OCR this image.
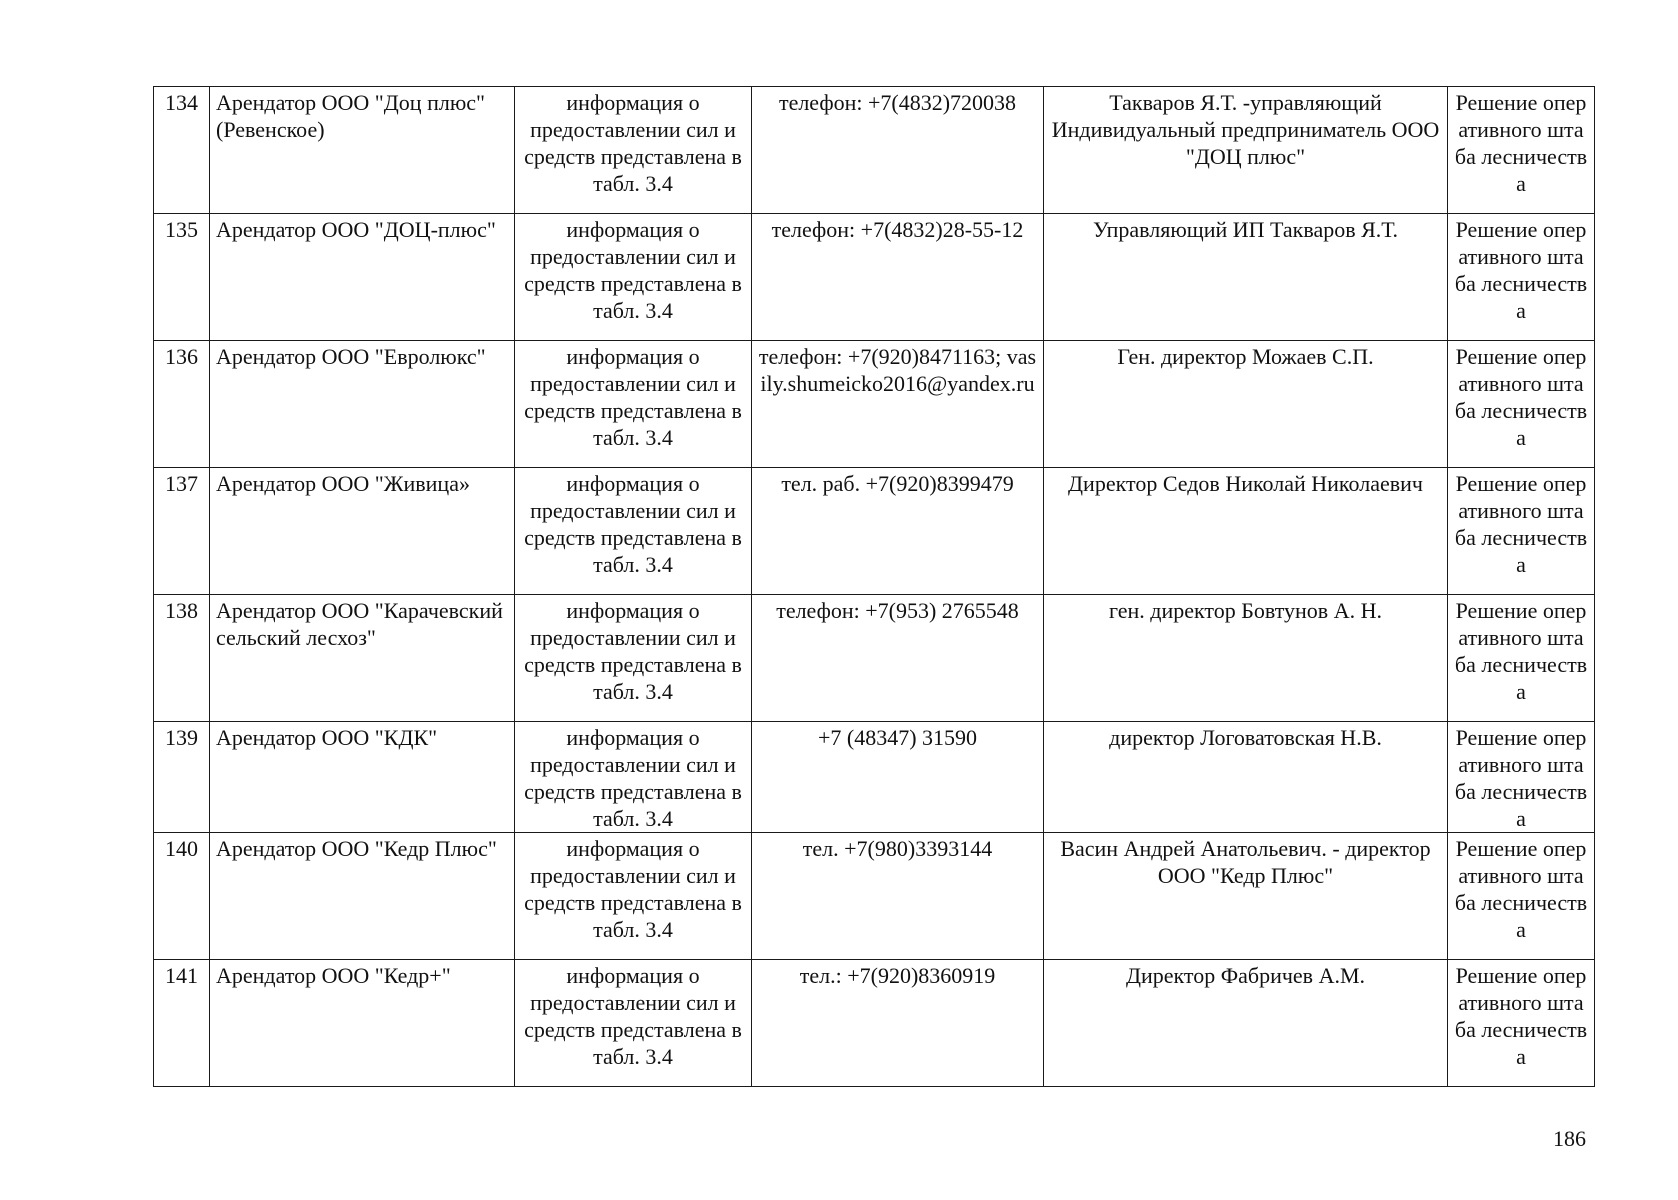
134	Арендатор ООО "Доц плюс" (Ревенское)	информация о предоставлении сил и средств представлена в табл. 3.4	телефон: +7(4832)720038	Такваров Я.Т. -управляющий Индивидуальный предприниматель ООО "ДОЦ плюс"	Решение оперативного штаба лесничества
135	Арендатор ООО "ДОЦ-плюс"	информация о предоставлении сил и средств представлена в табл. 3.4	телефон: +7(4832)28-55-12	Управляющий ИП Такваров Я.Т.	Решение оперативного штаба лесничества
136	Арендатор ООО "Евролюкс"	информация о предоставлении сил и средств представлена в табл. 3.4	телефон: +7(920)8471163; vasily.shumeicko2016@yandex.ru	Ген. директор Можаев С.П.	Решение оперативного штаба лесничества
137	Арендатор ООО "Живица»	информация о предоставлении сил и средств представлена в табл. 3.4	тел. раб. +7(920)8399479	Директор Седов Николай Николаевич	Решение оперативного штаба лесничества
138	Арендатор ООО "Карачевский сельский лесхоз"	информация о предоставлении сил и средств представлена в табл. 3.4	телефон: +7(953) 2765548	ген. директор Бовтунов А. Н.	Решение оперативного штаба лесничества
139	Арендатор ООО "КДК"	информация о предоставлении сил и средств представлена в табл. 3.4	+7 (48347) 31590	директор Логоватовская Н.В.	Решение оперативного штаба лесничества
140	Арендатор ООО "Кедр Плюс"	информация о предоставлении сил и средств представлена в табл. 3.4	тел. +7(980)3393144	Васин Андрей Анатольевич. - директор ООО "Кедр Плюс"	Решение оперативного штаба лесничества
141	Арендатор ООО "Кедр+"	информация о предоставлении сил и средств представлена в табл. 3.4	тел.: +7(920)8360919	Директор Фабричев А.М.	Решение оперативного штаба лесничества
186
